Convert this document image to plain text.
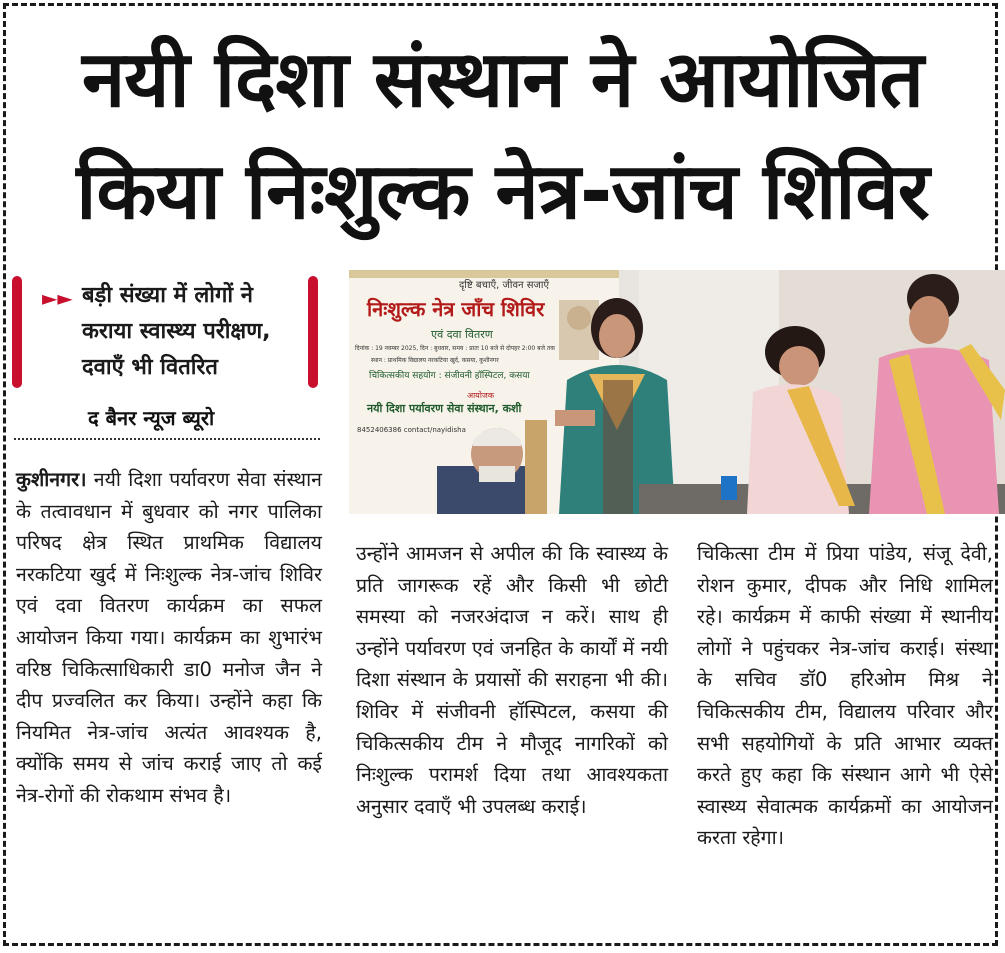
नयी दिशा संस्थान ने आयोजित
किया निःशुल्क नेत्र-जांच शिविर
►► बड़ी संख्या में लोगों ने कराया स्वास्थ्य परीक्षण, दवाएँ भी वितरित
द बैनर न्यूज ब्यूरो
दृष्टि बचाएँ, जीवन सजाएँ
निःशुल्क नेत्र जाँच शिविर
एवं दवा वितरण
दिनांक : 19 नवम्बर 2025, दिन : बुधवार, समय : प्रातः 10 बजे से दोपहर 2:00 बजे तक
स्थान : प्राथमिक विद्यालय नरकटिया खुर्द, कसया, कुशीनगर
चिकित्सकीय सहयोग : संजीवनी हॉस्पिटल, कसया
आयोजक
नयी दिशा पर्यावरण सेवा संस्थान, कशी
8452406386 contact/nayidisha

कुशीनगर। नयी दिशा पर्यावरण सेवा संस्थान के तत्वावधान में बुधवार को नगर पालिका परिषद क्षेत्र स्थित प्राथमिक विद्यालय नरकटिया खुर्द में निःशुल्क नेत्र-जांच शिविर एवं दवा वितरण कार्यक्रम का सफल आयोजन किया गया। कार्यक्रम का शुभारंभ वरिष्ठ चिकित्साधिकारी डा0 मनोज जैन ने दीप प्रज्वलित कर किया। उन्होंने कहा कि नियमित नेत्र-जांच अत्यंत आवश्यक है, क्योंकि समय से जांच कराई जाए तो कई नेत्र-रोगों की रोकथाम संभव है।

उन्होंने आमजन से अपील की कि स्वास्थ्य के प्रति जागरूक रहें और किसी भी छोटी समस्या को नजरअंदाज न करें। साथ ही उन्होंने पर्यावरण एवं जनहित के कार्यों में नयी दिशा संस्थान के प्रयासों की सराहना भी की। शिविर में संजीवनी हॉस्पिटल, कसया की चिकित्सकीय टीम ने मौजूद नागरिकों को निःशुल्क परामर्श दिया तथा आवश्यकता अनुसार दवाएँ भी उपलब्ध कराई।

चिकित्सा टीम में प्रिया पांडेय, संजू देवी, रोशन कुमार, दीपक और निधि शामिल रहे। कार्यक्रम में काफी संख्या में स्थानीय लोगों ने पहुंचकर नेत्र-जांच कराई। संस्था के सचिव डॉ0 हरिओम मिश्र ने चिकित्सकीय टीम, विद्यालय परिवार और सभी सहयोगियों के प्रति आभार व्यक्त करते हुए कहा कि संस्थान आगे भी ऐसे स्वास्थ्य सेवात्मक कार्यक्रमों का आयोजन करता रहेगा।
